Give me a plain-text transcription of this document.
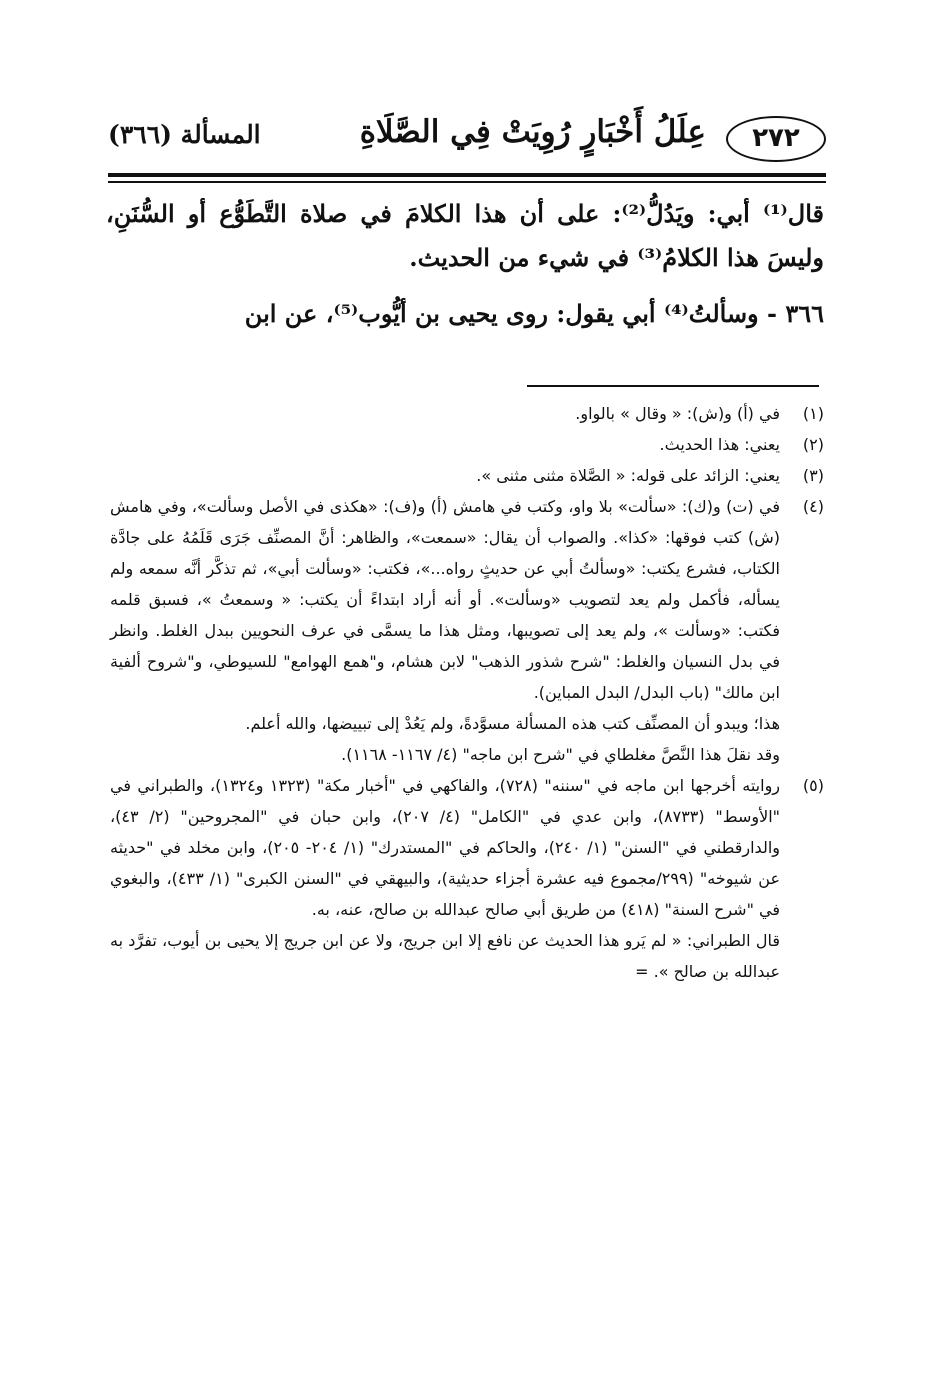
٢٧٢
عِلَلُ أَخْبَارٍ رُوِيَتْ فِي الصَّلَاةِ
المسألة (٣٦٦)

قال⁽¹⁾ أبي: ويَدُلُّ⁽²⁾: على أن هذا الكلامَ في صلاة التَّطَوُّع أو السُّنَنِ، وليسَ هذا الكلامُ⁽³⁾ في شيء من الحديث.

٣٦٦ - وسألتُ⁽⁴⁾ أبي يقول: روى يحيى بن أيُّوب⁽⁵⁾، عن ابن

(١)

في (أ) و(ش): « وقال » بالواو.

(٢)

يعني: هذا الحديث.

(٣)

يعني: الزائد على قوله: « الصَّلاة مثنى مثنى ».

(٤)

في (ت) و(ك): «سألت» بلا واو، وكتب في هامش (أ) و(ف): «هكذى في الأصل وسألت»، وفي هامش (ش) كتب فوقها: «كذا». والصواب أن يقال: «سمعت»، والظاهر: أنَّ المصنِّف جَرَى قَلَمُهُ على جادَّة الكتاب، فشرع يكتب: «وسألتُ أبي عن حديثٍ رواه...»، فكتب: «وسألت أبي»، ثم تذكَّر أنَّه سمعه ولم يسأله، فأكمل ولم يعد لتصويب «وسألت». أو أنه أراد ابتداءً أن يكتب: « وسمعتُ »، فسبق قلمه فكتب: «وسألت »، ولم يعد إلى تصويبها، ومثل هذا ما يسمَّى في عرف النحويين ببدل الغلط. وانظر في بدل النسيان والغلط: "شرح شذور الذهب" لابن هشام، و"همع الهوامع" للسيوطي، و"شروح ألفية ابن مالك" (باب البدل/ البدل المباين).

هذا؛ ويبدو أن المصنِّف كتب هذه المسألة مسوَّدةً، ولم يَعُدْ إلى تبييضها، والله أعلم.

وقد نقلَ هذا النَّصَّ مغلطاي في "شرح ابن ماجه" (٤/ ١١٦٧- ١١٦٨).

(٥)

روايته أخرجها ابن ماجه في "سننه" (٧٢٨)، والفاكهي في "أخبار مكة" (١٣٢٣ و١٣٢٤)، والطبراني في "الأوسط" (٨٧٣٣)، وابن عدي في "الكامل" (٤/ ٢٠٧)، وابن حبان في "المجروحين" (٢/ ٤٣)، والدارقطني في "السنن" (١/ ٢٤٠)، والحاكم في "المستدرك" (١/ ٢٠٤- ٢٠٥)، وابن مخلد في "حديثه عن شيوخه" (٢٩٩/مجموع فيه عشرة أجزاء حديثية)، والبيهقي في "السنن الكبرى" (١/ ٤٣٣)، والبغوي في "شرح السنة" (٤١٨) من طريق أبي صالح عبدالله بن صالح، عنه، به.

قال الطبراني: « لم يَرو هذا الحديث عن نافع إلا ابن جريج، ولا عن ابن جريج إلا يحيى بن أيوب، تفرَّد به عبدالله بن صالح ». =
